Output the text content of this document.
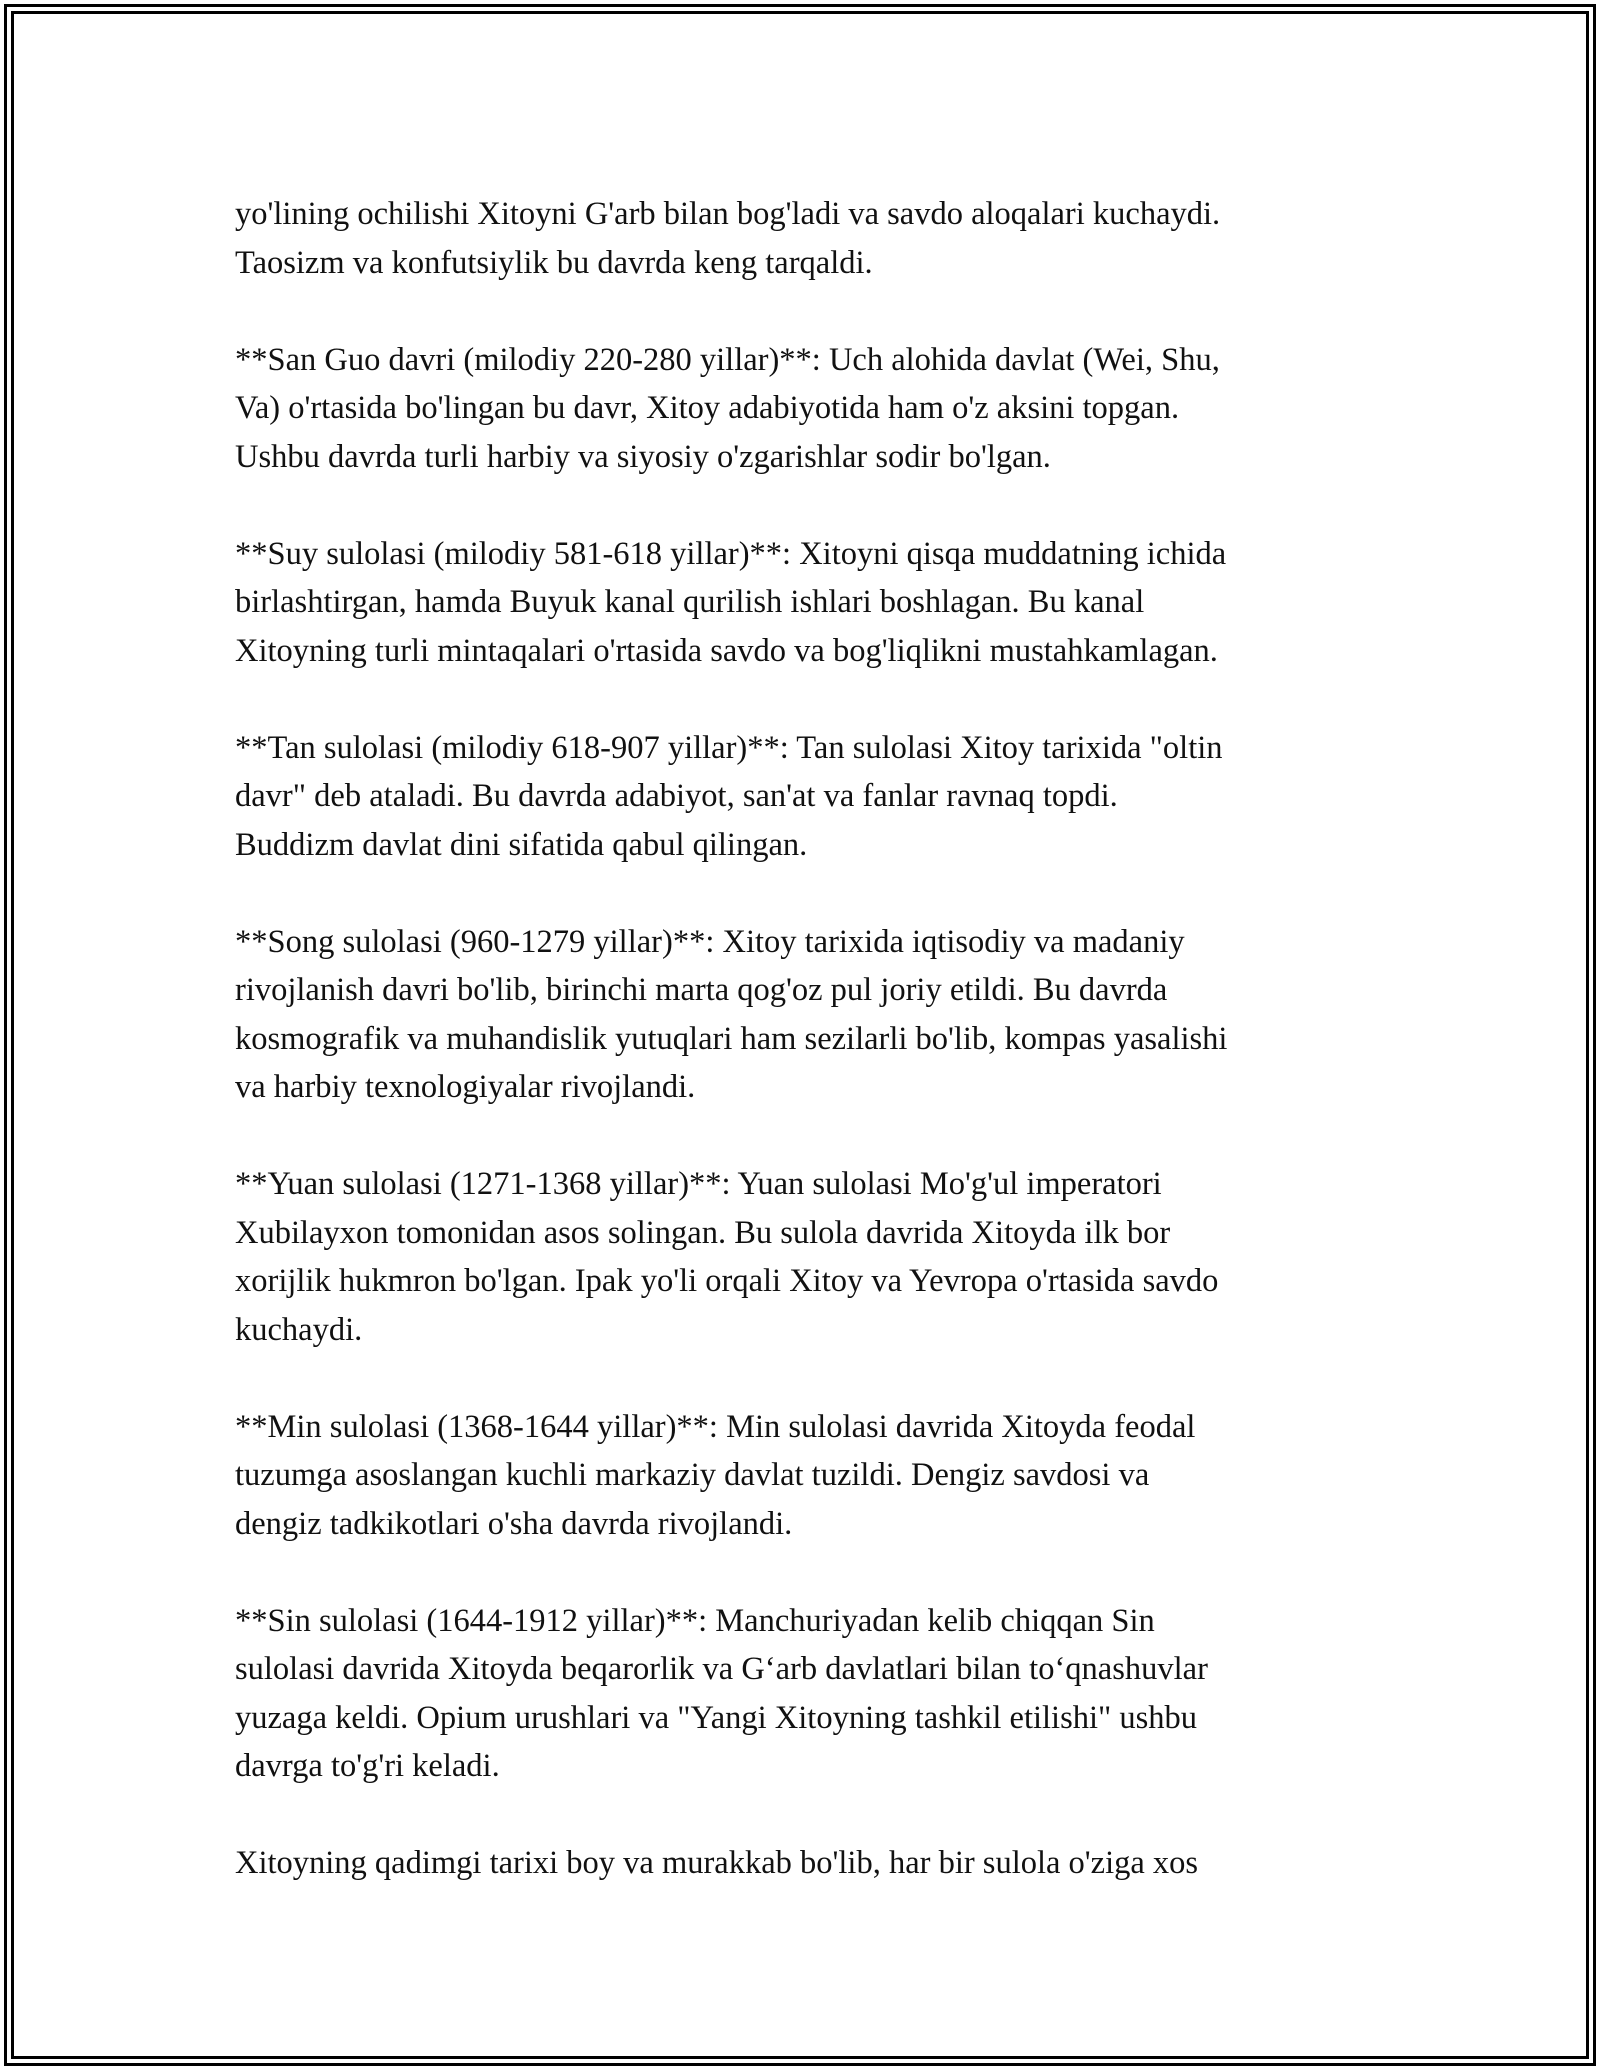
yo'lining ochilishi Xitoyni G'arb bilan bog'ladi va savdo aloqalari kuchaydi.
Taosizm va konfutsiylik bu davrda keng tarqaldi.

**San Guo davri (milodiy 220-280 yillar)**: Uch alohida davlat (Wei, Shu,
Va) o'rtasida bo'lingan bu davr, Xitoy adabiyotida ham o'z aksini topgan.
Ushbu davrda turli harbiy va siyosiy o'zgarishlar sodir bo'lgan.

**Suy sulolasi (milodiy 581-618 yillar)**: Xitoyni qisqa muddatning ichida
birlashtirgan, hamda Buyuk kanal qurilish ishlari boshlagan. Bu kanal
Xitoyning turli mintaqalari o'rtasida savdo va bog'liqlikni mustahkamlagan.

**Tan sulolasi (milodiy 618-907 yillar)**: Tan sulolasi Xitoy tarixida "oltin
davr" deb ataladi. Bu davrda adabiyot, san'at va fanlar ravnaq topdi.
Buddizm davlat dini sifatida qabul qilingan.

**Song sulolasi (960-1279 yillar)**: Xitoy tarixida iqtisodiy va madaniy
rivojlanish davri bo'lib, birinchi marta qog'oz pul joriy etildi. Bu davrda
kosmografik va muhandislik yutuqlari ham sezilarli bo'lib, kompas yasalishi
va harbiy texnologiyalar rivojlandi.

**Yuan sulolasi (1271-1368 yillar)**: Yuan sulolasi Mo'g'ul imperatori
Xubilayxon tomonidan asos solingan. Bu sulola davrida Xitoyda ilk bor
xorijlik hukmron bo'lgan. Ipak yo'li orqali Xitoy va Yevropa o'rtasida savdo
kuchaydi.

**Min sulolasi (1368-1644 yillar)**: Min sulolasi davrida Xitoyda feodal
tuzumga asoslangan kuchli markaziy davlat tuzildi. Dengiz savdosi va
dengiz tadkikotlari o'sha davrda rivojlandi.

**Sin sulolasi (1644-1912 yillar)**: Manchuriyadan kelib chiqqan Sin
sulolasi davrida Xitoyda beqarorlik va G‘arb davlatlari bilan to‘qnashuvlar
yuzaga keldi. Opium urushlari va "Yangi Xitoyning tashkil etilishi" ushbu
davrga to'g'ri keladi.

Xitoyning qadimgi tarixi boy va murakkab bo'lib, har bir sulola o'ziga xos
